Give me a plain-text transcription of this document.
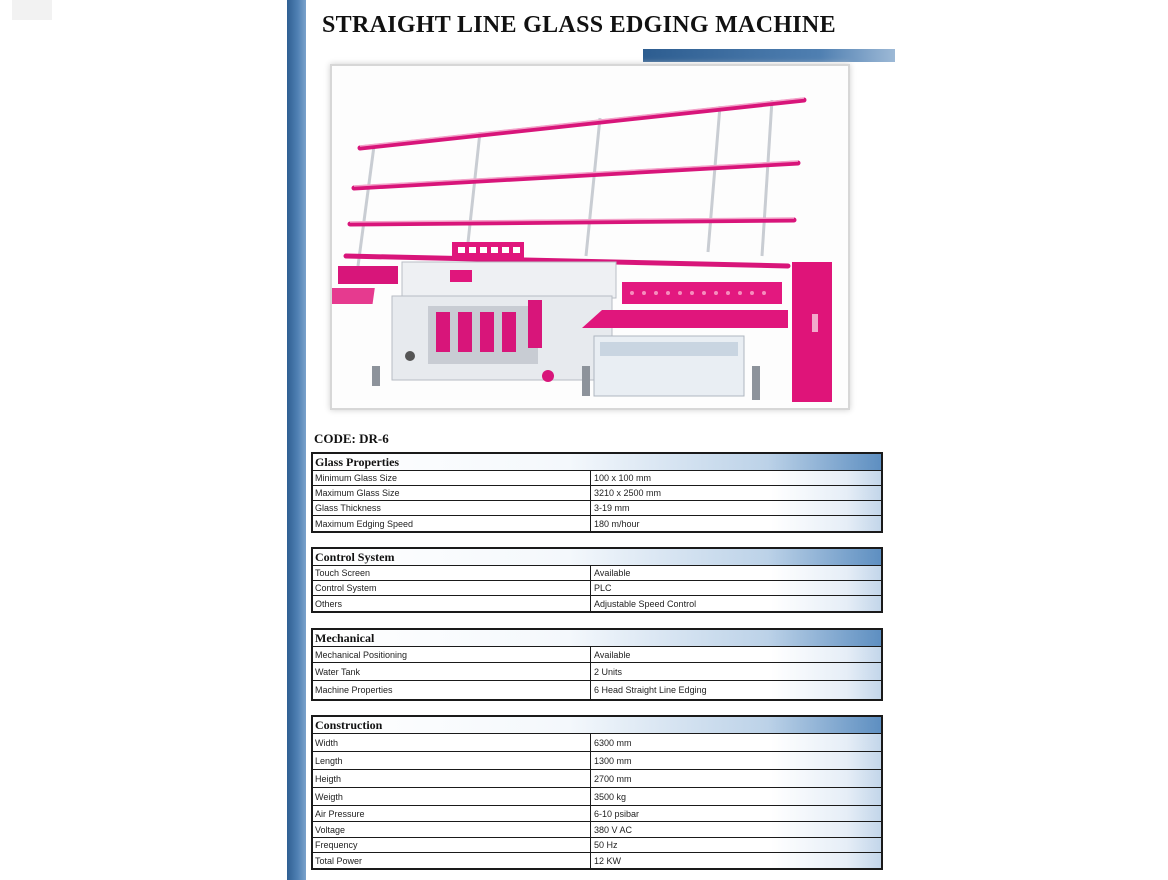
STRAIGHT LINE GLASS EDGING MACHINE
CODE: DR-6
Glass Properties
Minimum Glass Size	100 x 100 mm
Maximum Glass Size	3210 x 2500 mm
Glass Thickness	3-19 mm
Maximum Edging Speed	180 m/hour
Control System
Touch Screen	Available
Control System	PLC
Others	Adjustable Speed Control
Mechanical
Mechanical Positioning	Available
Water Tank	2 Units
Machine Properties	6 Head Straight Line Edging
Construction
Width	6300 mm
Length	1300 mm
Heigth	2700 mm
Weigth	3500 kg
Air Pressure	6-10 psibar
Voltage	380 V AC
Frequency	50 Hz
Total Power	12 KW
